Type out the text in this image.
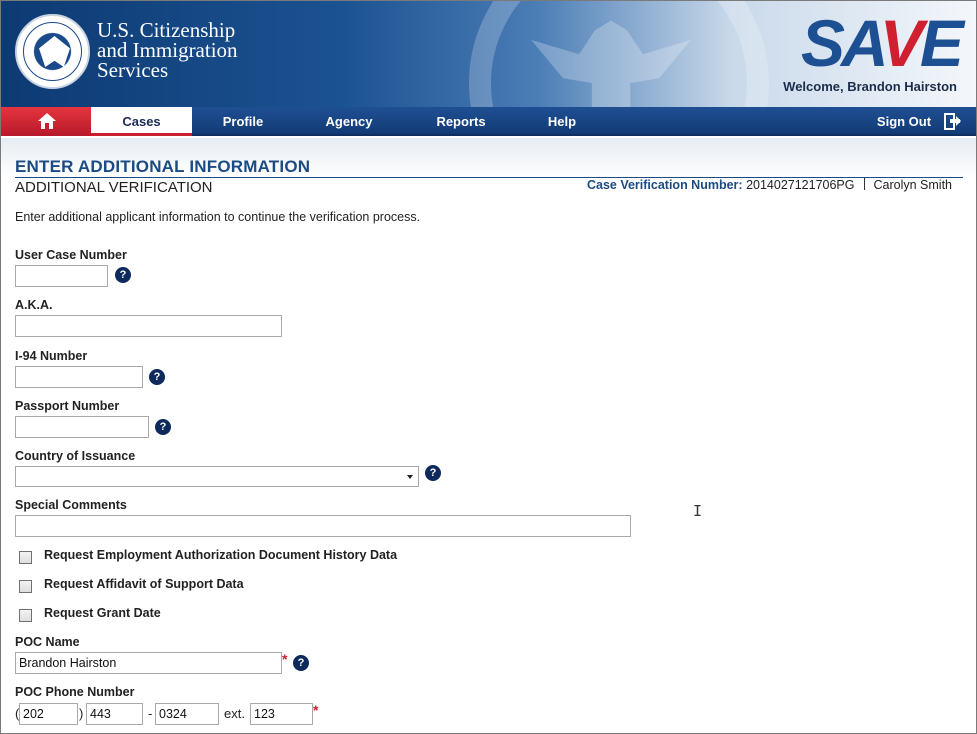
U.S. Citizenship
and Immigration
Services	SAVE
Welcome, Brandon Hairston
Cases	Profile	Agency	Reports	Help	Sign Out
ENTER ADDITIONAL INFORMATION
ADDITIONAL VERIFICATION	Case Verification Number: 2014027121706PG Carolyn Smith
Enter additional applicant information to continue the verification process.
User Case Number
?
A.K.A.
I-94 Number
?
Passport Number
?
Country of Issuance
?
Special Comments	I
Request Employment Authorization Document History Data
Request Affidavit of Support Data
Request Grant Date
POC Name
Brandon Hairston
* ?
POC Phone Number
(
202	)
443	-
0324	ext.
123	*
